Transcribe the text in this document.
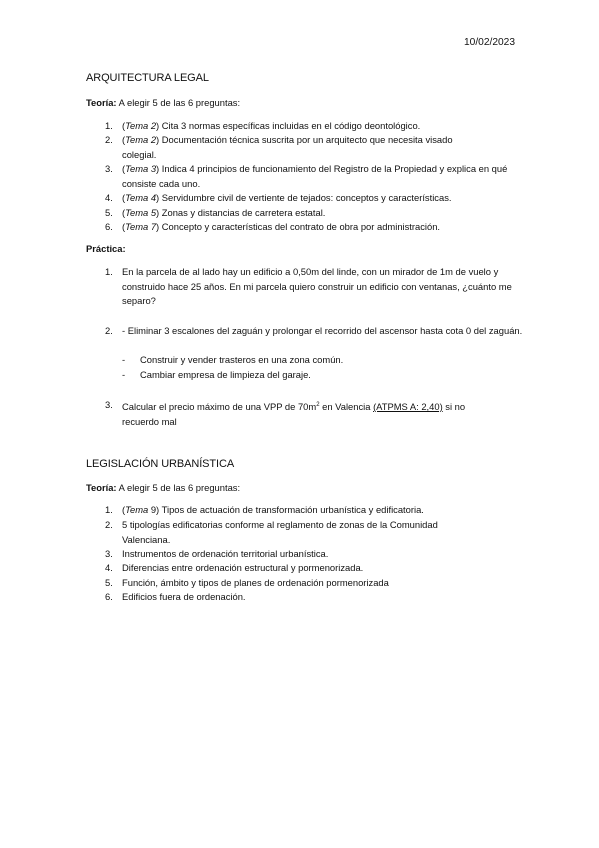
10/02/2023
ARQUITECTURA LEGAL
Teoría: A elegir 5 de las 6 preguntas:
1. (Tema 2) Cita 3 normas específicas incluidas en el código deontológico.
2. (Tema 2) Documentación técnica suscrita por un arquitecto que necesita visado colegial.
3. (Tema 3) Indica 4 principios de funcionamiento del Registro de la Propiedad y explica en qué consiste cada uno.
4. (Tema 4) Servidumbre civil de vertiente de tejados: conceptos y características.
5. (Tema 5) Zonas y distancias de carretera estatal.
6. (Tema 7) Concepto y características del contrato de obra por administración.
Práctica:
1. En la parcela de al lado hay un edificio a 0,50m del linde, con un mirador de 1m de vuelo y construido hace 25 años. En mi parcela quiero construir un edificio con ventanas, ¿cuánto me separo?
2. - Eliminar 3 escalones del zaguán y prolongar el recorrido del ascensor hasta cota 0 del zaguán.
- Construir y vender trasteros en una zona común.
- Cambiar empresa de limpieza del garaje.
3. Calcular el precio máximo de una VPP de $70m^2$ en Valencia (ATPMS A: 2,40) si no recuerdo mal
LEGISLACIÓN URBANÍSTICA
Teoría: A elegir 5 de las 6 preguntas:
1. (Tema 9) Tipos de actuación de transformación urbanística y edificatoria.
2. 5 tipologías edificatorias conforme al reglamento de zonas de la Comunidad Valenciana.
3. Instrumentos de ordenación territorial urbanística.
4. Diferencias entre ordenación estructural y pormenorizada.
5. Función, ámbito y tipos de planes de ordenación pormenorizada
6. Edificios fuera de ordenación.
